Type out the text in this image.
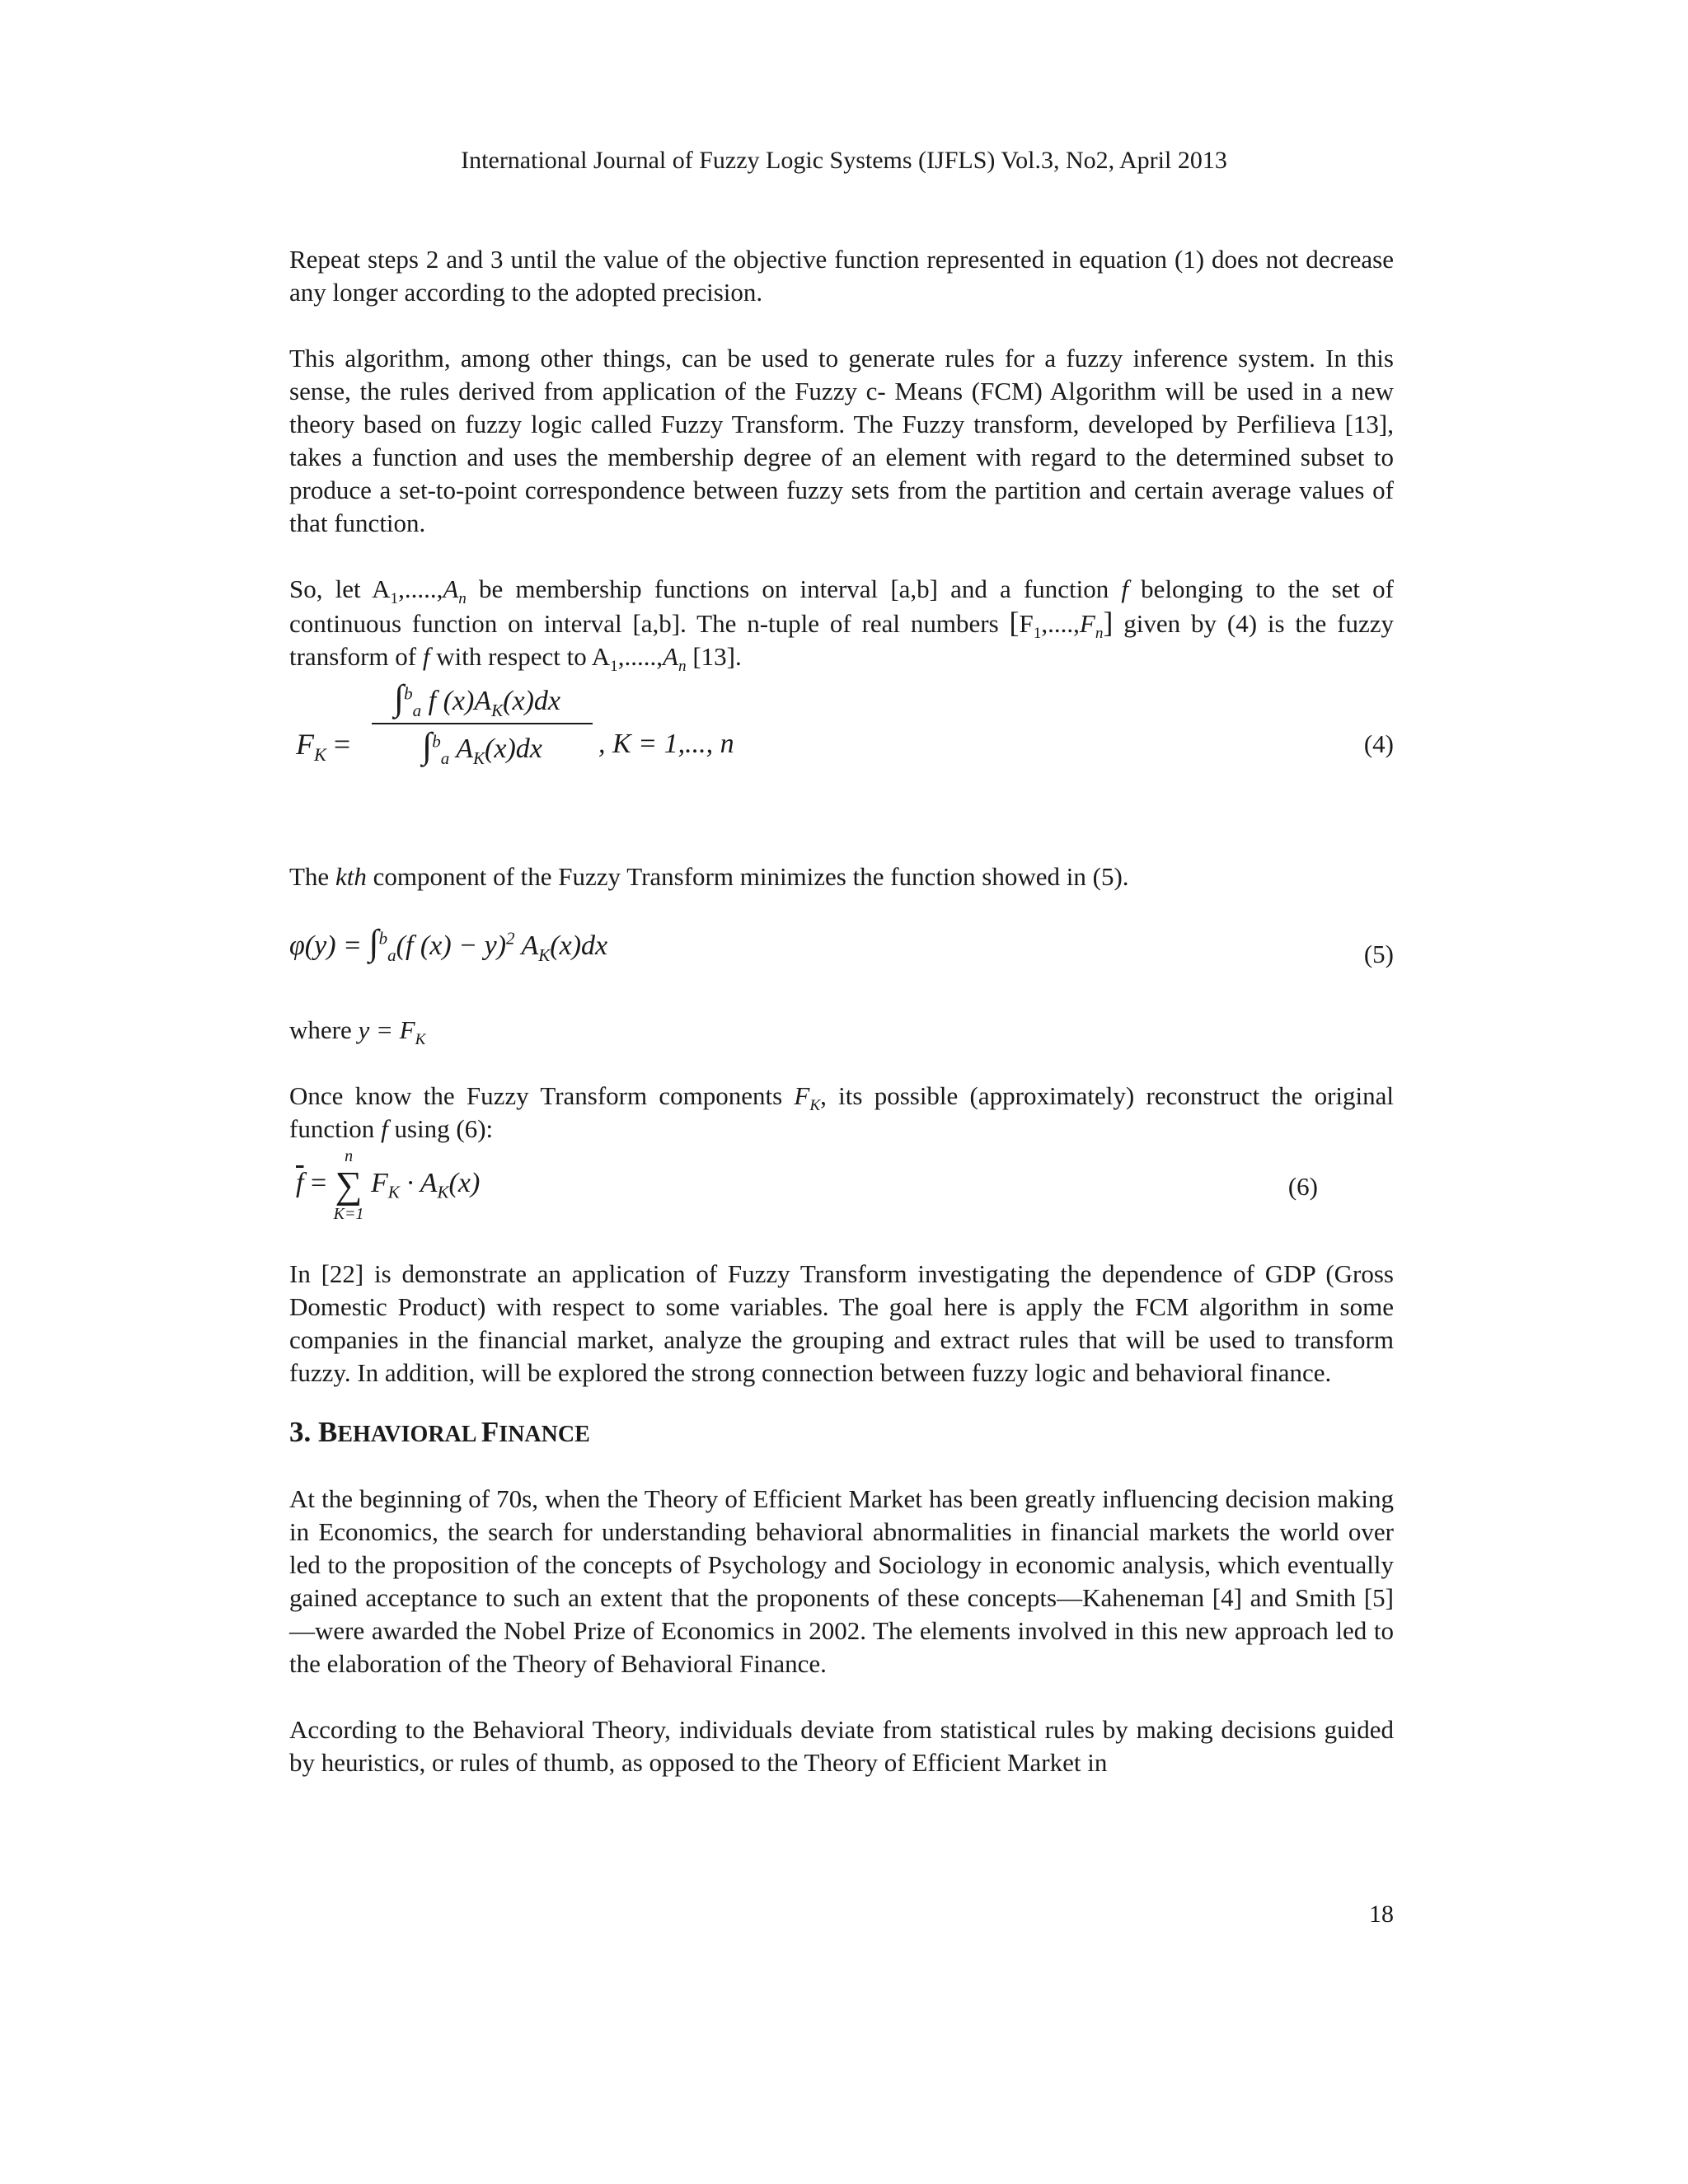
International Journal of Fuzzy Logic Systems (IJFLS) Vol.3, No2, April 2013

Repeat steps 2 and 3 until the value of the objective function represented in equation (1) does not decrease any longer according to the adopted precision.

This algorithm, among other things, can be used to generate rules for a fuzzy inference system. In this sense, the rules derived from application of the Fuzzy c- Means (FCM) Algorithm will be used in a new theory based on fuzzy logic called Fuzzy Transform. The Fuzzy transform, developed by Perfilieva [13], takes a function and uses the membership degree of an element with regard to the determined subset to produce a set-to-point correspondence between fuzzy sets from the partition and certain average values of that function.

So, let $A_1,.....,A_n$ be membership functions on interval [a,b] and a function f belonging to the set of continuous function on interval [a,b]. The n-tuple of real numbers $[F_1,....,F_n]$ given by (4) is the fuzzy transform of f with respect to $A_1,.....,A_n$ [13].

$F_K$ =
∫$^b_a$ f $(x)A_K(x)dx$
∫$^b_a$ $A_K(x)dx$	, K = 1,..., n	(4)

The kth component of the Fuzzy Transform minimizes the function showed in (5).

φ(y) = ∫$^b_a$(f (x) − y)$^2$ $A_K(x)dx$	(5)

where $y = F_K$

Once know the Fuzzy Transform components $F_K$, its possible (approximately) reconstruct the original function f using (6):

$\overline{f}$ =
n
∑
K=1
$F_K \cdot A_K(x)$	(6)

In [22] is demonstrate an application of Fuzzy Transform investigating the dependence of GDP (Gross Domestic Product) with respect to some variables. The goal here is apply the FCM algorithm in some companies in the financial market, analyze the grouping and extract rules that will be used to transform fuzzy. In addition, will be explored the strong connection between fuzzy logic and behavioral finance.

3. BEHAVIORAL FINANCE

At the beginning of 70s, when the Theory of Efficient Market has been greatly influencing decision making in Economics, the search for understanding behavioral abnormalities in financial markets the world over led to the proposition of the concepts of Psychology and Sociology in economic analysis, which eventually gained acceptance to such an extent that the proponents of these concepts—Kaheneman [4] and Smith [5]—were awarded the Nobel Prize of Economics in 2002. The elements involved in this new approach led to the elaboration of the Theory of Behavioral Finance.

According to the Behavioral Theory, individuals deviate from statistical rules by making decisions guided by heuristics, or rules of thumb, as opposed to the Theory of Efficient Market in

18
